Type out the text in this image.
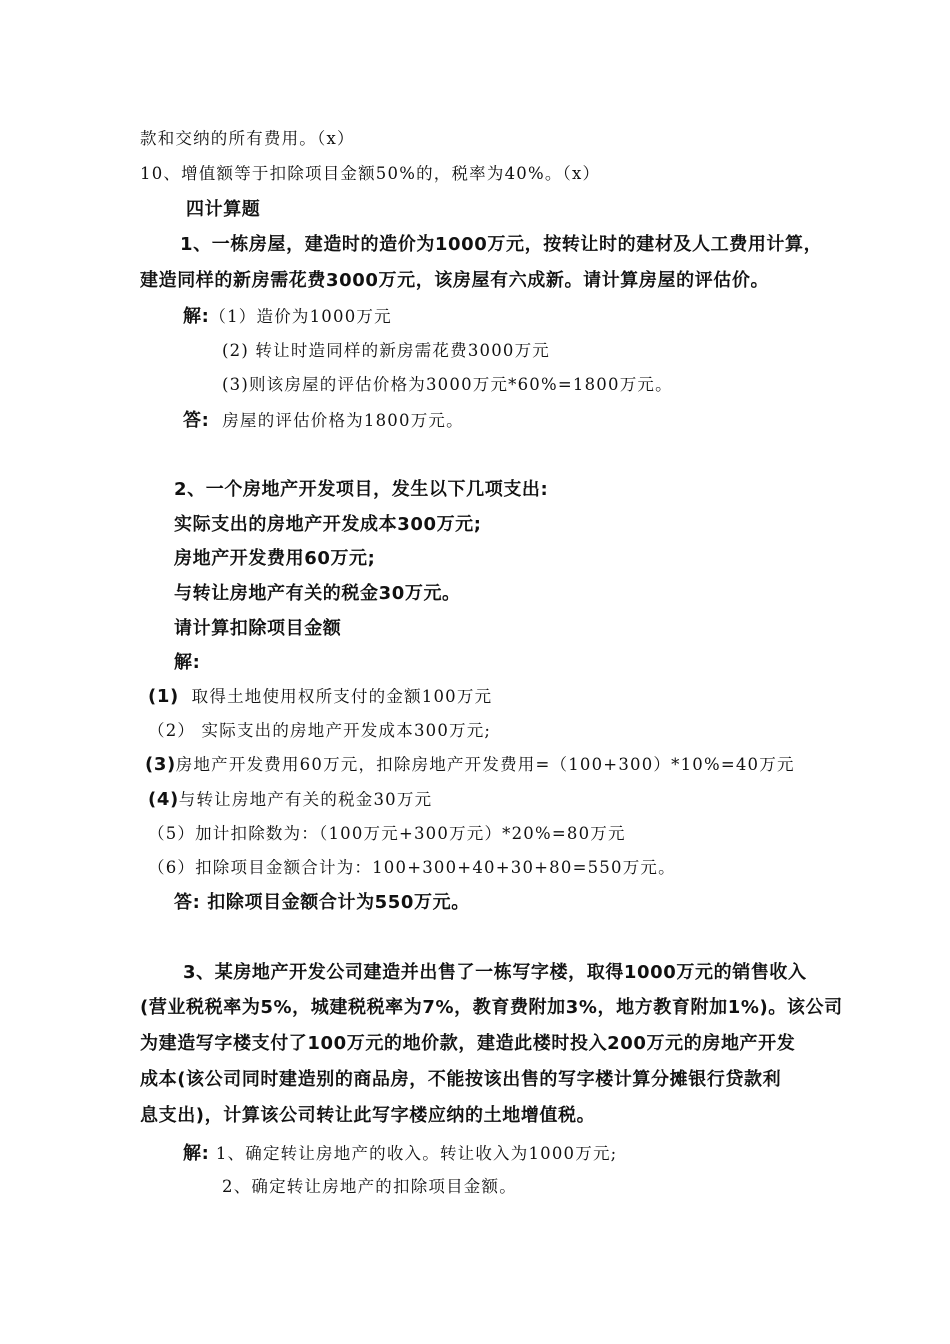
款和交纳的所有费用。（x）
10、增值额等于扣除项目金额50%的，税率为40%。（x）
四计算题
1、一栋房屋，建造时的造价为1000万元，按转让时的建材及人工费用计算，
建造同样的新房需花费3000万元，该房屋有六成新。请计算房屋的评估价。
解:（1）造价为1000万元
(2) 转让时造同样的新房需花费3000万元
(3)则该房屋的评估价格为3000万元*60%=1800万元。
答: 房屋的评估价格为1800万元。
2、一个房地产开发项目，发生以下几项支出:
实际支出的房地产开发成本300万元;
房地产开发费用60万元;
与转让房地产有关的税金30万元。
请计算扣除项目金额
解:
(1) 取得土地使用权所支付的金额100万元
（2） 实际支出的房地产开发成本300万元;
(3)房地产开发费用60万元，扣除房地产开发费用=（100+300）*10%=40万元
(4)与转让房地产有关的税金30万元
（5）加计扣除数为：（100万元+300万元）*20%=80万元
（6）扣除项目金额合计为：100+300+40+30+80=550万元。
答: 扣除项目金额合计为550万元。
3、某房地产开发公司建造并出售了一栋写字楼，取得1000万元的销售收入
(营业税税率为5%，城建税税率为7%，教育费附加3%，地方教育附加1%)。该公司
为建造写字楼支付了100万元的地价款，建造此楼时投入200万元的房地产开发
成本(该公司同时建造别的商品房，不能按该出售的写字楼计算分摊银行贷款利
息支出)，计算该公司转让此写字楼应纳的土地增值税。
解: 1、确定转让房地产的收入。转让收入为1000万元;
2、确定转让房地产的扣除项目金额。
